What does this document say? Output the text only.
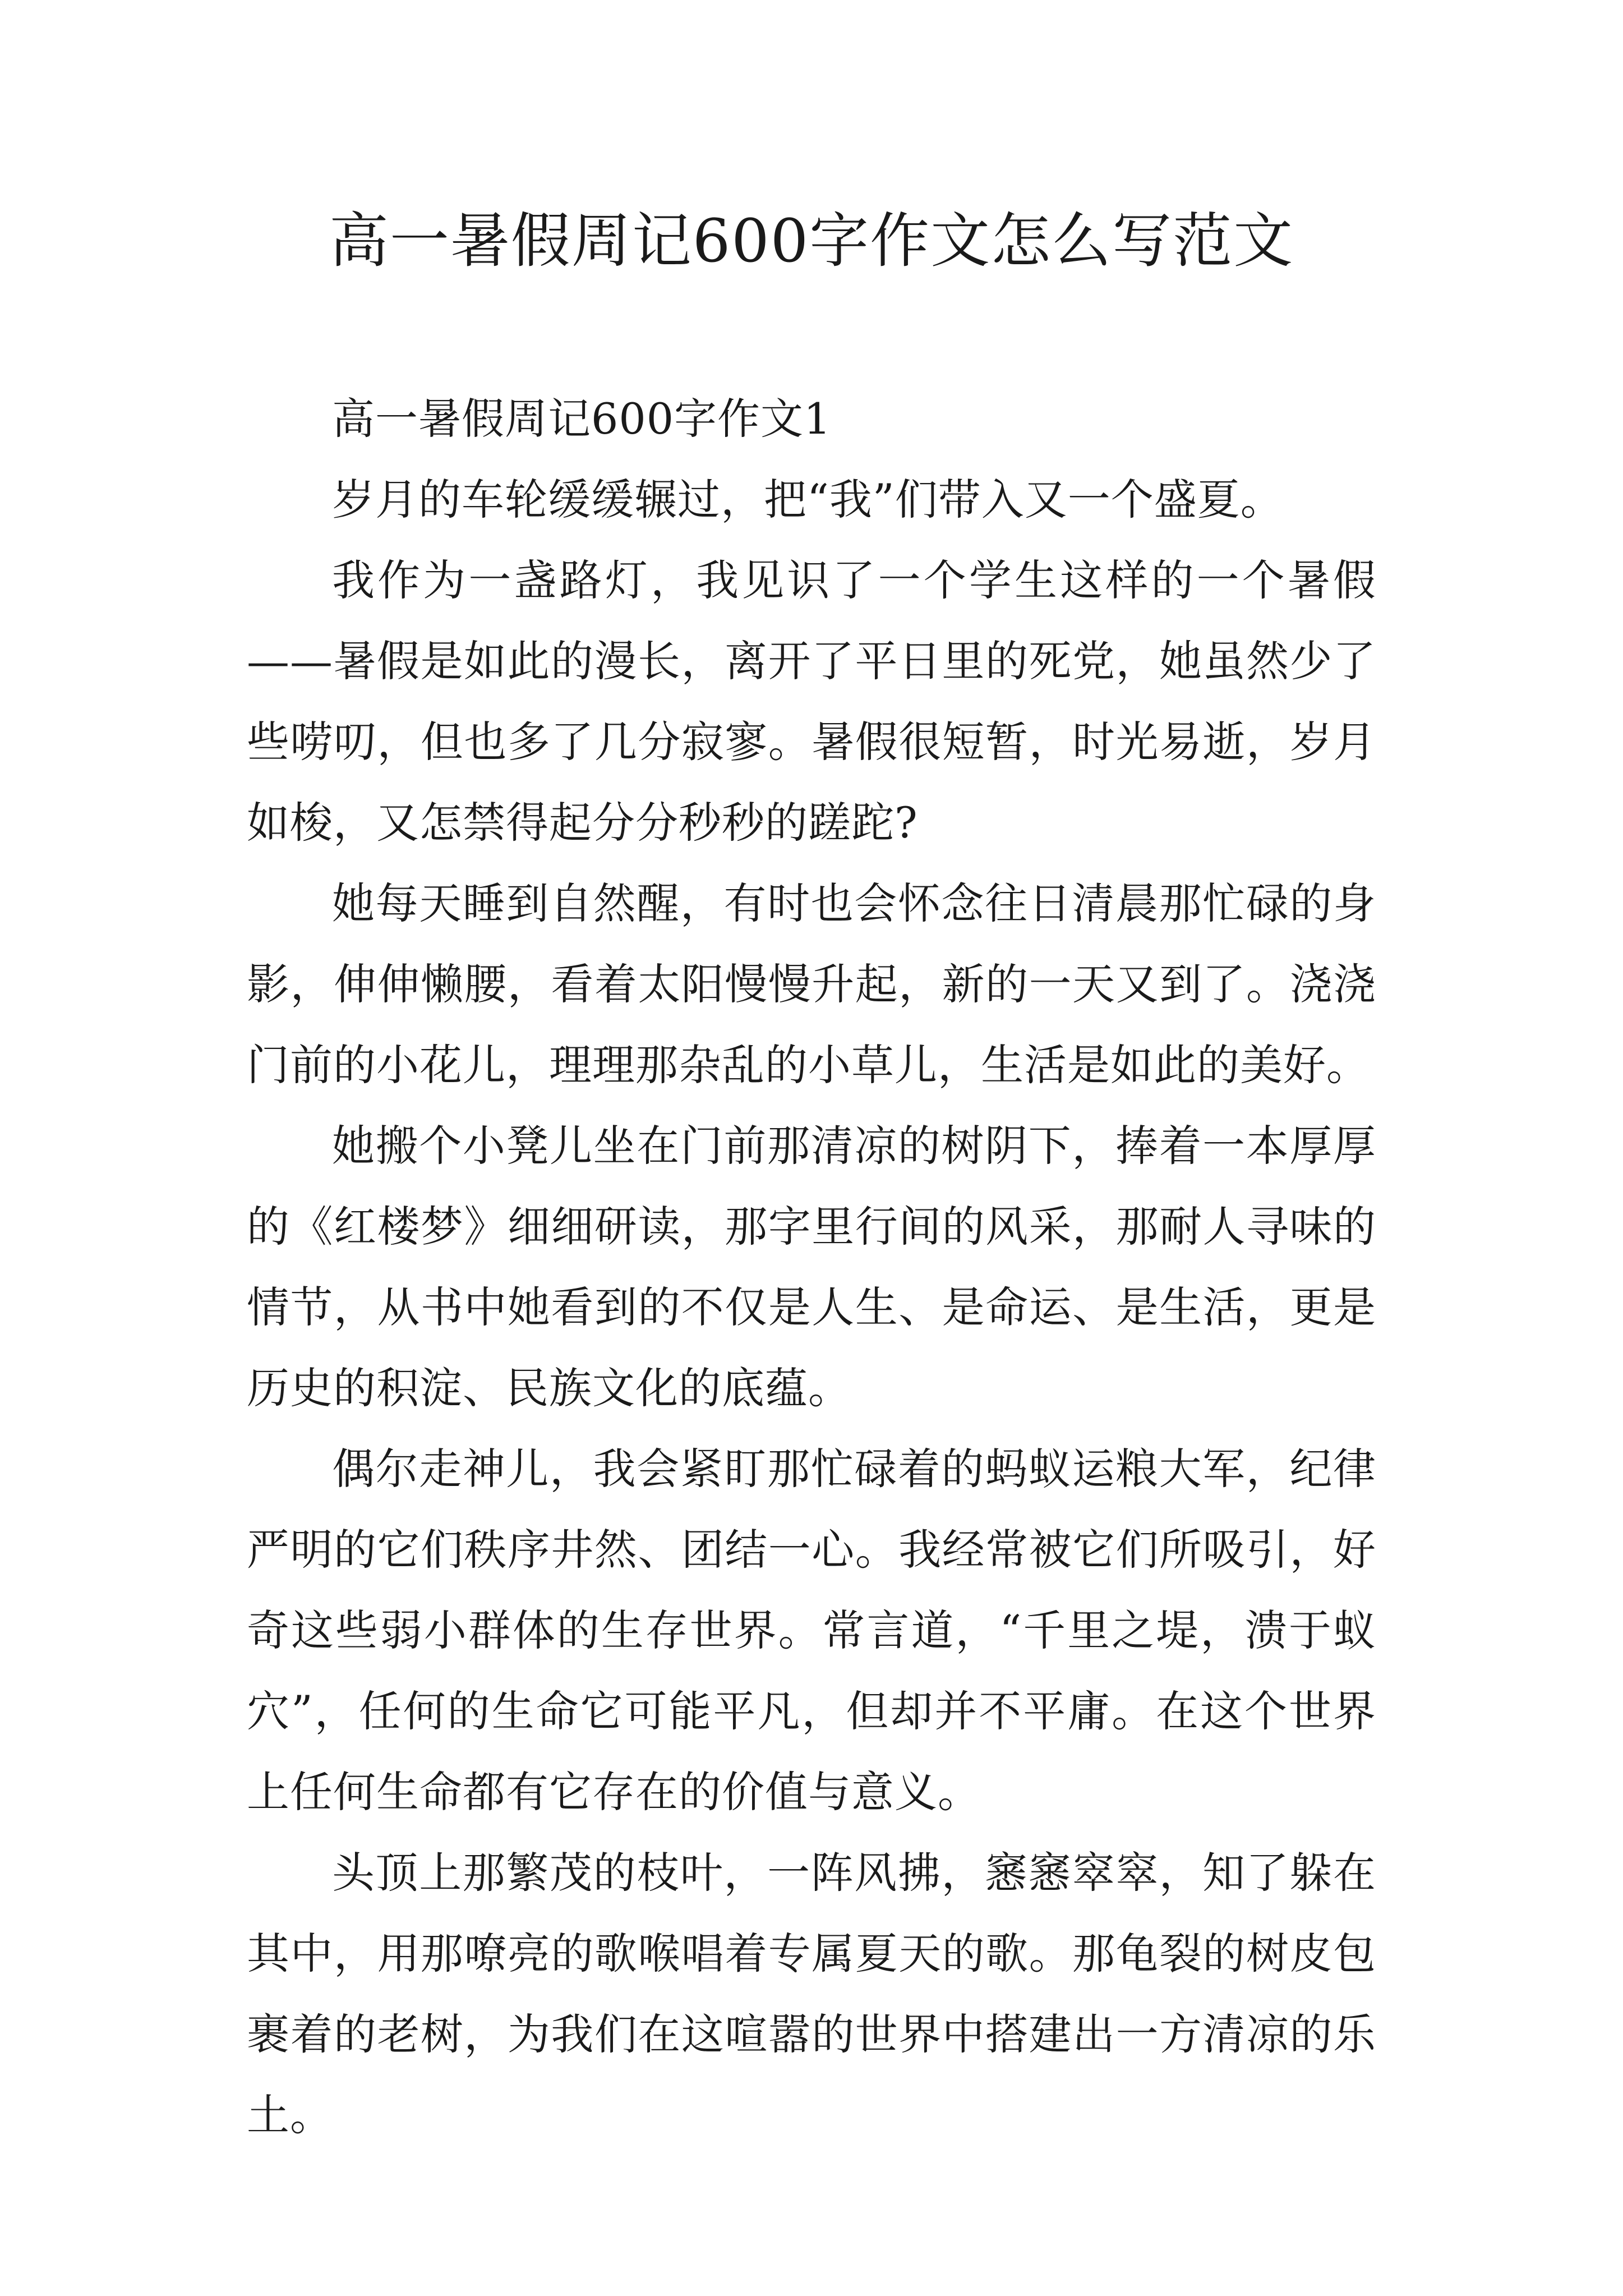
高一暑假周记600字作文怎么写范文

高一暑假周记600字作文1

岁月的车轮缓缓辗过，把“我”们带入又一个盛夏。

我作为一盏路灯，我见识了一个学生这样的一个暑假——暑假是如此的漫长，离开了平日里的死党，她虽然少了些唠叨，但也多了几分寂寥。暑假很短暂，时光易逝，岁月如梭，又怎禁得起分分秒秒的蹉跎?

她每天睡到自然醒，有时也会怀念往日清晨那忙碌的身影，伸伸懒腰，看着太阳慢慢升起，新的一天又到了。浇浇门前的小花儿，理理那杂乱的小草儿，生活是如此的美好。

她搬个小凳儿坐在门前那清凉的树阴下，捧着一本厚厚的《红楼梦》细细研读，那字里行间的风采，那耐人寻味的情节，从书中她看到的不仅是人生、是命运、是生活，更是历史的积淀、民族文化的底蕴。

偶尔走神儿，我会紧盯那忙碌着的蚂蚁运粮大军，纪律严明的它们秩序井然、团结一心。我经常被它们所吸引，好奇这些弱小群体的生存世界。常言道，“千里之堤，溃于蚁穴”，任何的生命它可能平凡，但却并不平庸。在这个世界上任何生命都有它存在的价值与意义。

头顶上那繁茂的枝叶，一阵风拂，窸窸窣窣，知了躲在其中，用那嘹亮的歌喉唱着专属夏天的歌。那龟裂的树皮包裹着的老树，为我们在这喧嚣的世界中搭建出一方清凉的乐土。
